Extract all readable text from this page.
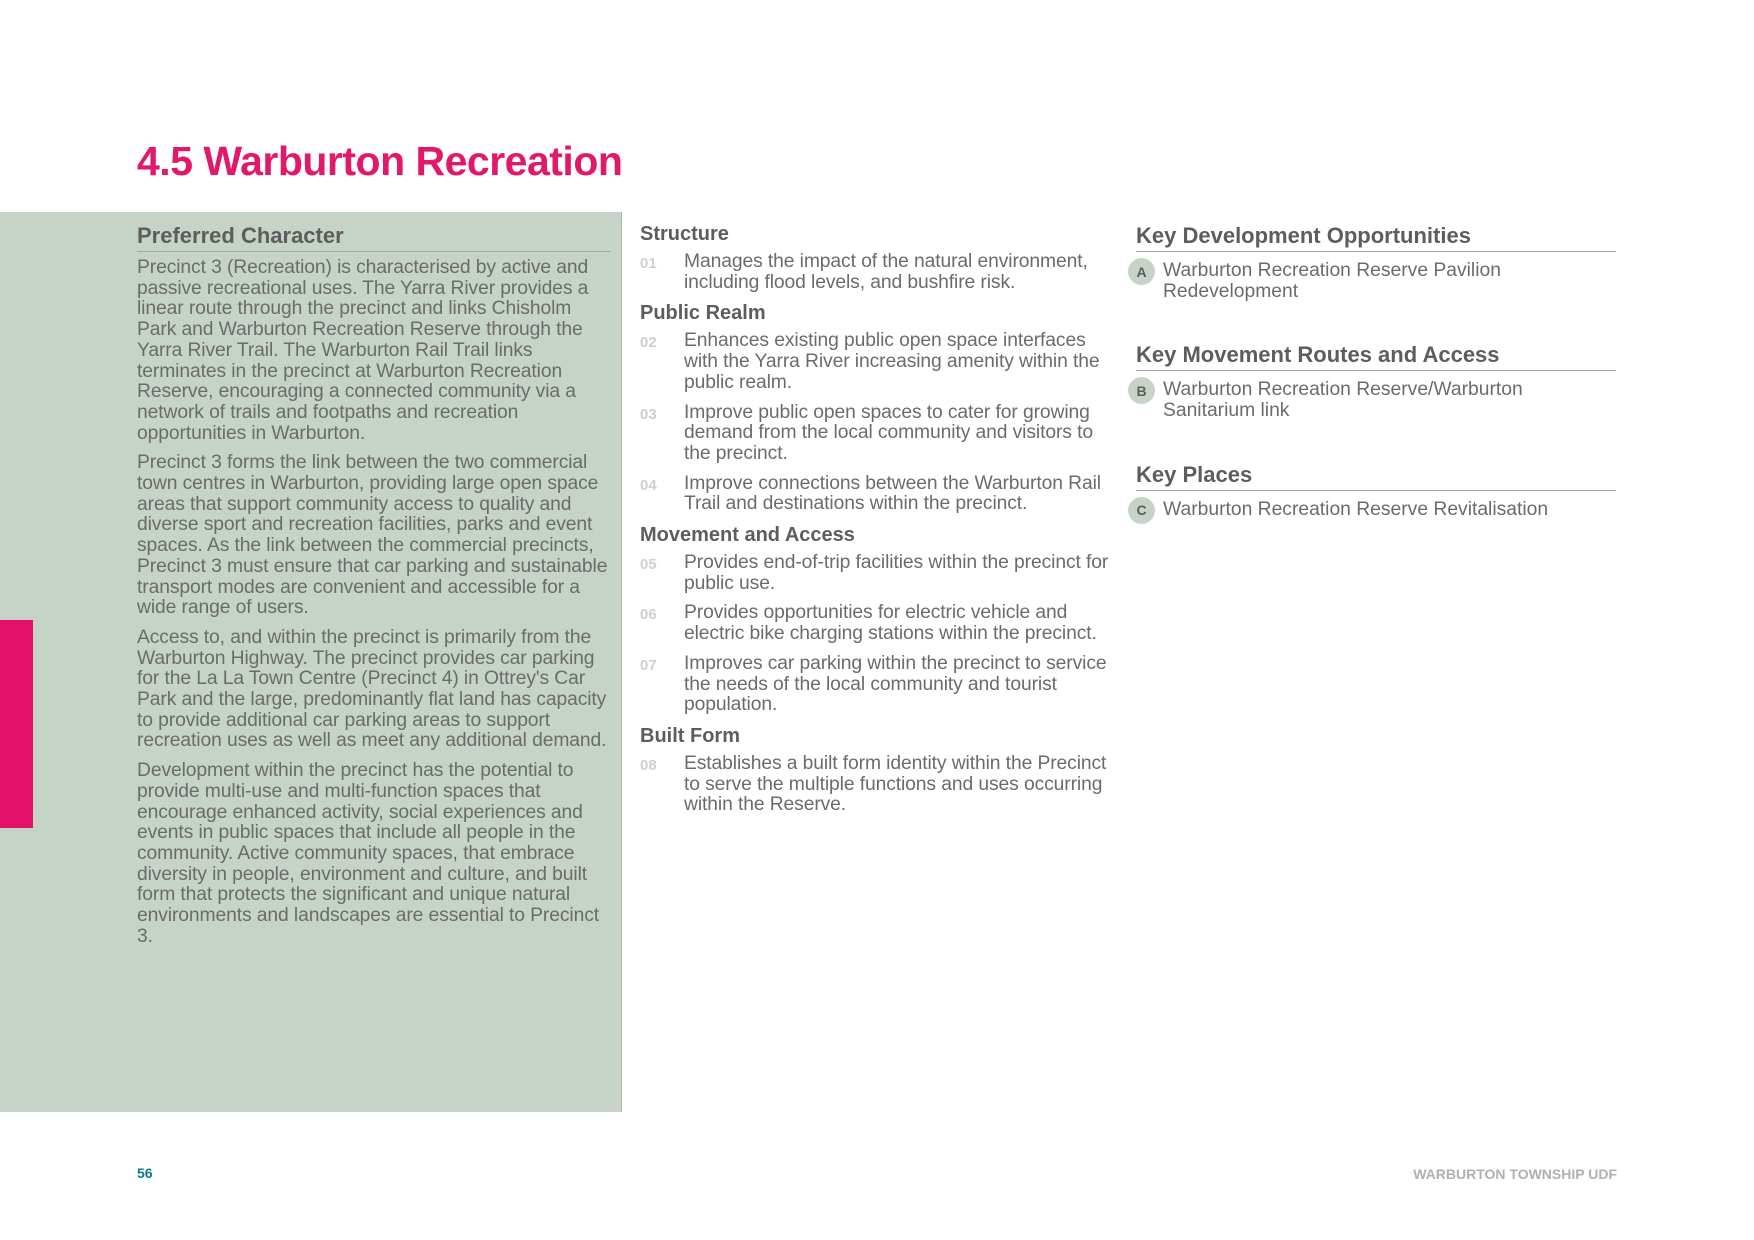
4.5 Warburton Recreation
Preferred Character

Precinct 3 (Recreation) is characterised by active and passive recreational uses. The Yarra River provides a linear route through the precinct and links Chisholm Park and Warburton Recreation Reserve through the Yarra River Trail. The Warburton Rail Trail links terminates in the precinct at Warburton Recreation Reserve, encouraging a connected community via a network of trails and footpaths and recreation opportunities in Warburton.

Precinct 3 forms the link between the two commercial town centres in Warburton, providing large open space areas that support community access to quality and diverse sport and recreation facilities, parks and event spaces. As the link between the commercial precincts, Precinct 3 must ensure that car parking and sustainable transport modes are convenient and accessible for a wide range of users.

Access to, and within the precinct is primarily from the Warburton Highway. The precinct provides car parking for the La La Town Centre (Precinct 4) in Ottrey's Car Park and the large, predominantly flat land has capacity to provide additional car parking areas to support recreation uses as well as meet any additional demand.

Development within the precinct has the potential to provide multi-use and multi-function spaces that encourage enhanced activity, social experiences and events in public spaces that include all people in the community. Active community spaces, that embrace diversity in people, environment and culture, and built form that protects the significant and unique natural environments and landscapes are essential to Precinct 3.

Structure
01	Manages the impact of the natural environment, including flood levels, and bushfire risk.
Public Realm
02	Enhances existing public open space interfaces with the Yarra River increasing amenity within the public realm.
03	Improve public open spaces to cater for growing demand from the local community and visitors to the precinct.
04	Improve connections between the Warburton Rail Trail and destinations within the precinct.
Movement and Access
05	Provides end-of-trip facilities within the precinct for public use.
06	Provides opportunities for electric vehicle and electric bike charging stations within the precinct.
07	Improves car parking within the precinct to service the needs of the local community and tourist population.
Built Form
08	Establishes a built form identity within the Precinct to serve the multiple functions and uses occurring within the Reserve.
Key Development Opportunities
A Warburton Recreation Reserve Pavilion Redevelopment
Key Movement Routes and Access
B Warburton Recreation Reserve/Warburton Sanitarium link
Key Places
C Warburton Recreation Reserve Revitalisation
56	WARBURTON TOWNSHIP UDF
